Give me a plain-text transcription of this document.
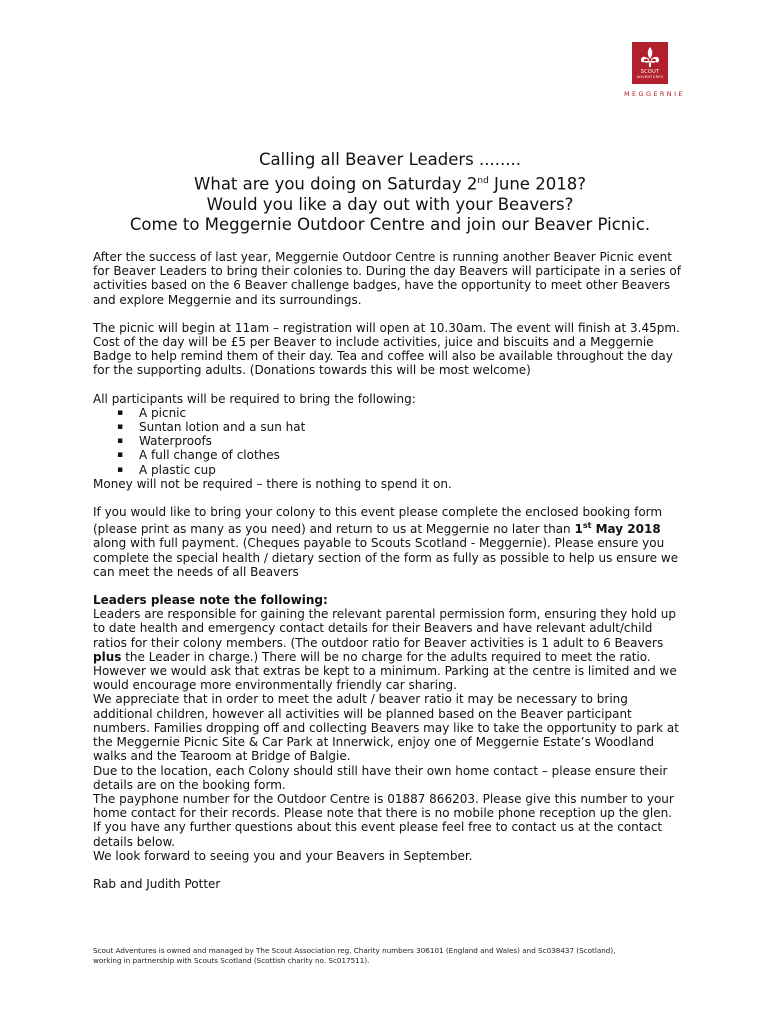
SCOUT
ADVENTURES
MEGGERNIE
Calling all Beaver Leaders ........
What are you doing on Saturday 2nd June 2018?
Would you like a day out with your Beavers?
Come to Meggernie Outdoor Centre and join our Beaver Picnic.

After the success of last year, Meggernie Outdoor Centre is running another Beaver Picnic event for Beaver Leaders to bring their colonies to. During the day Beavers will participate in a series of activities based on the 6 Beaver challenge badges, have the opportunity to meet other Beavers and explore Meggernie and its surroundings.

The picnic will begin at 11am – registration will open at 10.30am. The event will finish at 3.45pm. Cost of the day will be £5 per Beaver to include activities, juice and biscuits and a Meggernie Badge to help remind them of their day. Tea and coffee will also be available throughout the day for the supporting adults. (Donations towards this will be most welcome)

All participants will be required to bring the following:

▪ A picnic
▪ Suntan lotion and a sun hat
▪ Waterproofs
▪ A full change of clothes
▪ A plastic cup

Money will not be required – there is nothing to spend it on.

If you would like to bring your colony to this event please complete the enclosed booking form (please print as many as you need) and return to us at Meggernie no later than 1st May 2018 along with full payment. (Cheques payable to Scouts Scotland - Meggernie). Please ensure you complete the special health / dietary section of the form as fully as possible to help us ensure we can meet the needs of all Beavers

Leaders please note the following:

Leaders are responsible for gaining the relevant parental permission form, ensuring they hold up to date health and emergency contact details for their Beavers and have relevant adult/child ratios for their colony members. (The outdoor ratio for Beaver activities is 1 adult to 6 Beavers plus the Leader in charge.) There will be no charge for the adults required to meet the ratio. However we would ask that extras be kept to a minimum. Parking at the centre is limited and we would encourage more environmentally friendly car sharing.

We appreciate that in order to meet the adult / beaver ratio it may be necessary to bring additional children, however all activities will be planned based on the Beaver participant numbers. Families dropping off and collecting Beavers may like to take the opportunity to park at the Meggernie Picnic Site & Car Park at Innerwick, enjoy one of Meggernie Estate’s Woodland walks and the Tearoom at Bridge of Balgie.

Due to the location, each Colony should still have their own home contact – please ensure their details are on the booking form.

The payphone number for the Outdoor Centre is 01887 866203. Please give this number to your home contact for their records. Please note that there is no mobile phone reception up the glen.

If you have any further questions about this event please feel free to contact us at the contact details below.

We look forward to seeing you and your Beavers in September.

Rab and Judith Potter

Scout Adventures is owned and managed by The Scout Association reg. Charity numbers 306101 (England and Wales) and Sc038437 (Scotland),
working in partnership with Scouts Scotland (Scottish charity no. Sc017511).
